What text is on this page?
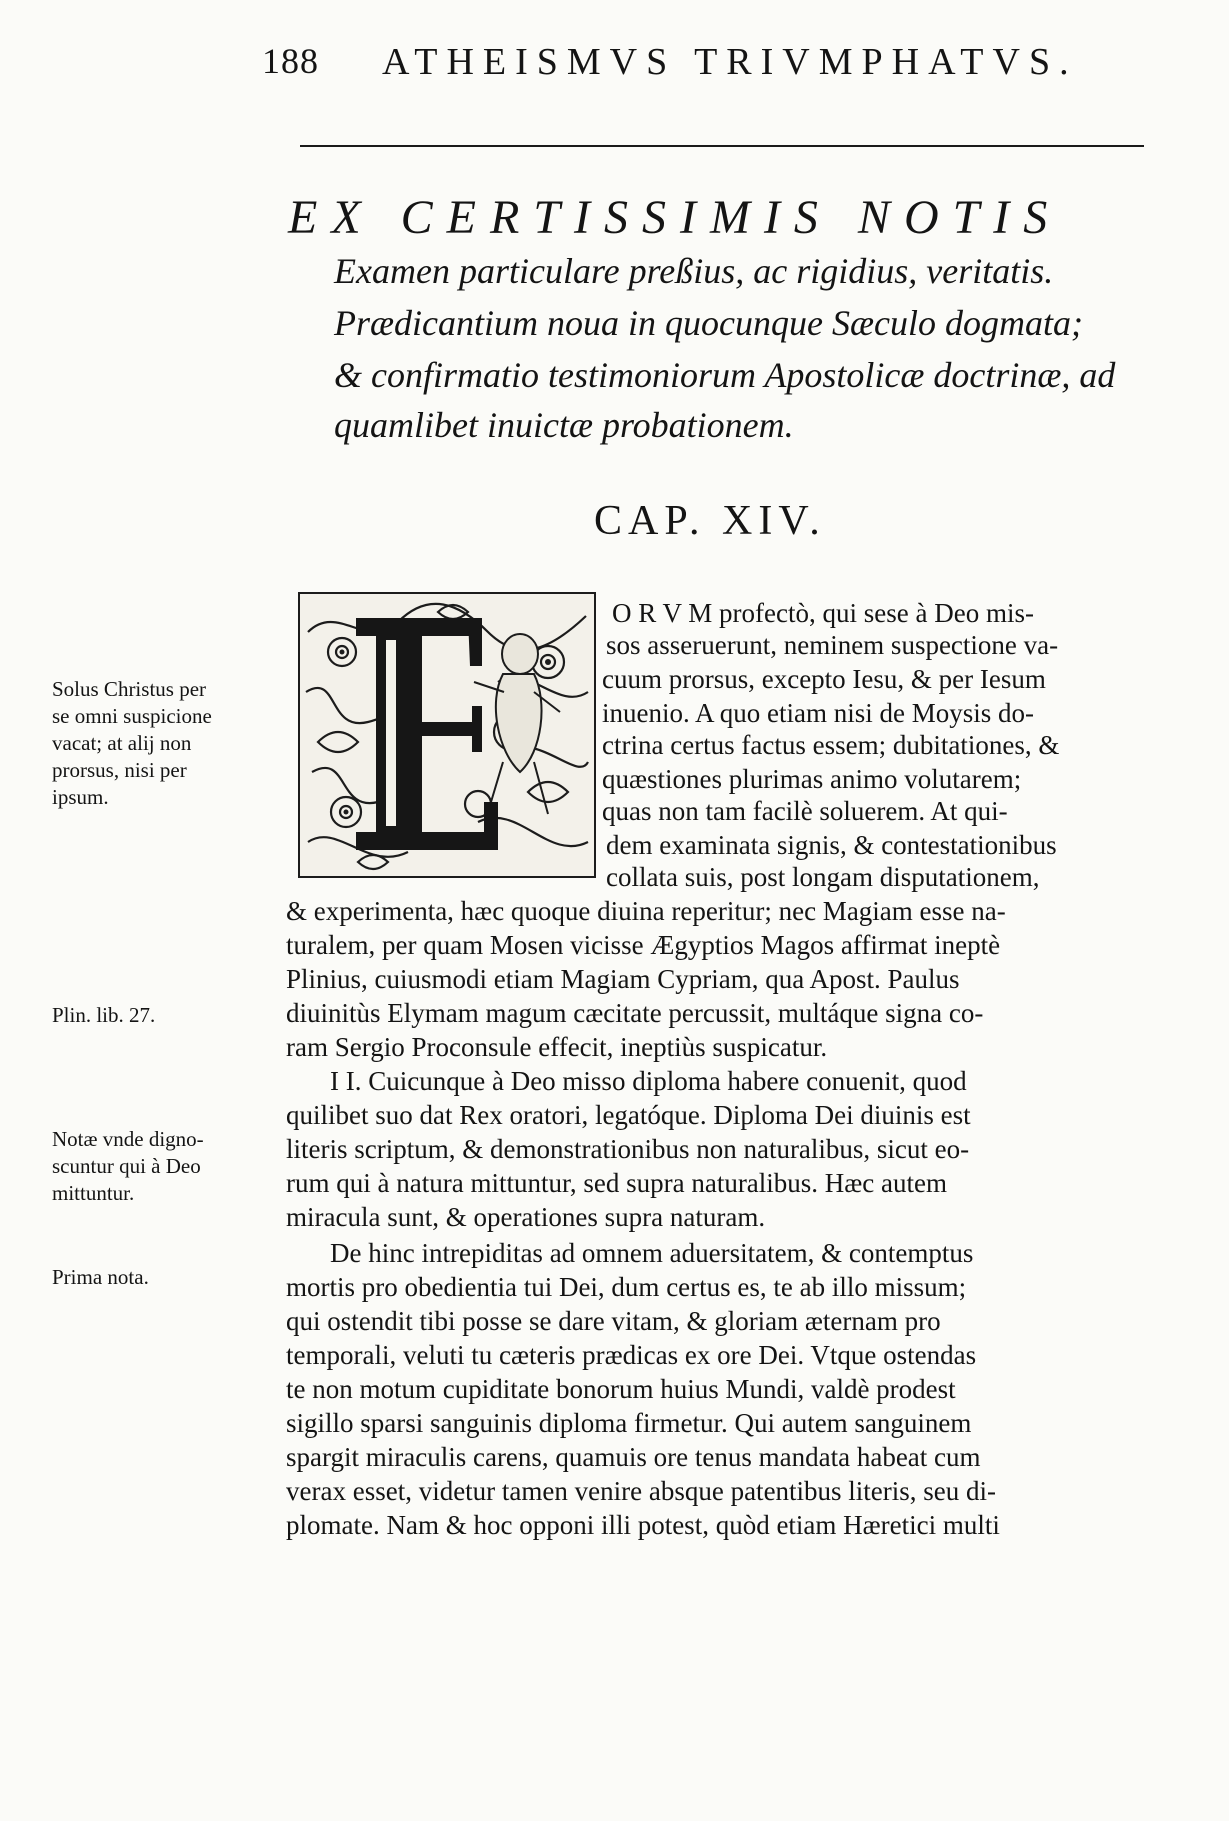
188 ATHEISMVS TRIVMPHATVS.
EX CERTISSIMIS NOTIS
Examen particulare preßius, ac rigidius, veritatis.
Prædicantium noua in quocunque Sæculo dogmata;
& confirmatio testimoniorum Apostolicæ doctrinæ, ad
quamlibet inuictæ probationem.
CAP. XIV.
O R V M profectò, qui sese à Deo mis-
sos asseruerunt, neminem suspectione va-
cuum prorsus, excepto Iesu, & per Iesum
inuenio. A quo etiam nisi de Moysis do-
ctrina certus factus essem; dubitationes, &
quæstiones plurimas animo volutarem;
quas non tam facilè soluerem. At qui-
dem examinata signis, & contestationibus
collata suis, post longam disputationem,
& experimenta, hæc quoque diuina reperitur; nec Magiam esse na-
turalem, per quam Mosen vicisse Ægyptios Magos affirmat ineptè
Plinius, cuiusmodi etiam Magiam Cypriam, qua Apost. Paulus
diuinitùs Elymam magum cæcitate percussit, multáque signa co-
ram Sergio Proconsule effecit, ineptiùs suspicatur.
I I. Cuicunque à Deo misso diploma habere conuenit, quod
quilibet suo dat Rex oratori, legatóque. Diploma Dei diuinis est
literis scriptum, & demonstrationibus non naturalibus, sicut eo-
rum qui à natura mittuntur, sed supra naturalibus. Hæc autem
miracula sunt, & operationes supra naturam.
De hinc intrepiditas ad omnem aduersitatem, & contemptus
mortis pro obedientia tui Dei, dum certus es, te ab illo missum;
qui ostendit tibi posse se dare vitam, & gloriam æternam pro
temporali, veluti tu cæteris prædicas ex ore Dei. Vtque ostendas
te non motum cupiditate bonorum huius Mundi, valdè prodest
sigillo sparsi sanguinis diploma firmetur. Qui autem sanguinem
spargit miraculis carens, quamuis ore tenus mandata habeat cum
verax esset, videtur tamen venire absque patentibus literis, seu di-
plomate. Nam & hoc opponi illi potest, quòd etiam Hæretici multi
Solus Christus per
se omni suspicione
vacat; at alij non
prorsus, nisi per
ipsum.
Plin. lib. 27.
Notæ vnde digno-
scuntur qui à Deo
mittuntur.
Prima nota.
